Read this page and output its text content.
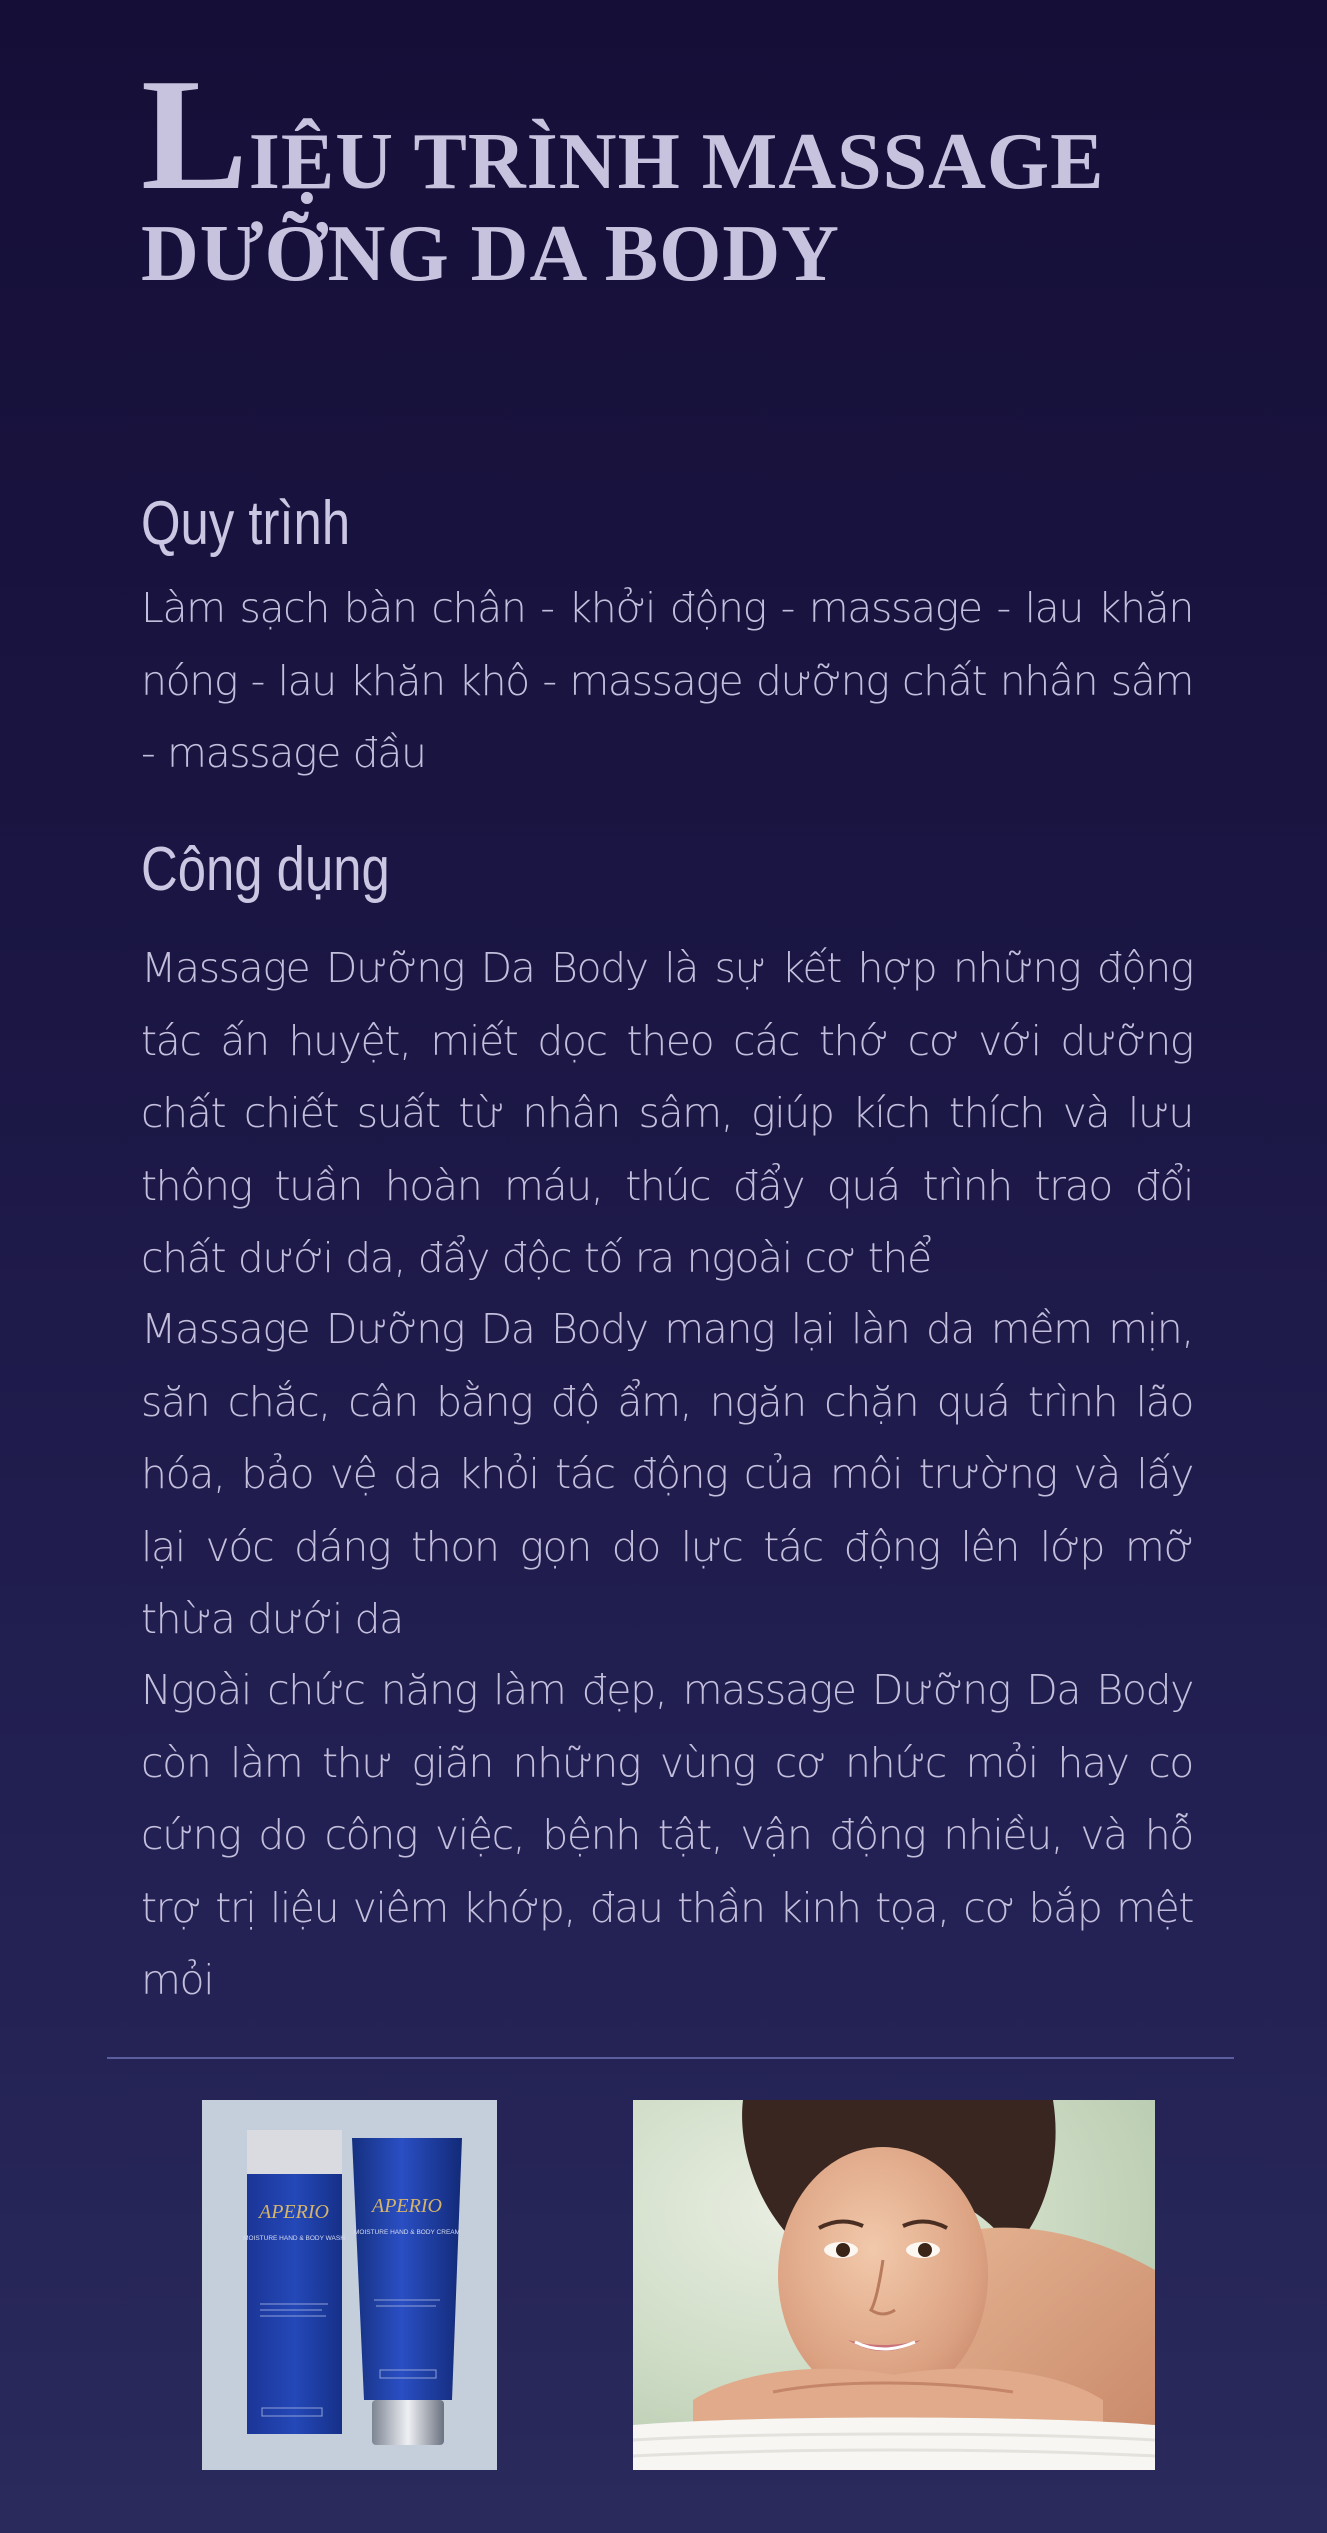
LIỆU TRÌNH MASSAGE
DƯỠNG DA BODY
Quy trình

Làm sạch bàn chân - khởi động - massage - lau khăn nóng - lau khăn khô - massage dưỡng chất nhân sâm - massage đầu

Công dụng

Massage Dưỡng Da Body là sự kết hợp những động tác ấn huyệt, miết dọc theo các thớ cơ với dưỡng chất chiết suất từ nhân sâm, giúp kích thích và lưu thông tuần hoàn máu, thúc đẩy quá trình trao đổi chất dưới da, đẩy độc tố ra ngoài cơ thể

Massage Dưỡng Da Body mang lại làn da mềm mịn, săn chắc, cân bằng độ ẩm, ngăn chặn quá trình lão hóa, bảo vệ da khỏi tác động của môi trường và lấy lại vóc dáng thon gọn do lực tác động lên lớp mỡ thừa dưới da

Ngoài chức năng làm đẹp, massage Dưỡng Da Body còn làm thư giãn những vùng cơ nhức mỏi hay co cứng do công việc, bệnh tật, vận động nhiều, và hỗ trợ trị liệu viêm khớp, đau thần kinh tọa, cơ bắp mệt mỏi

APERIO
MOISTURE HAND & BODY WASH
APERIO
MOISTURE HAND & BODY CREAM
